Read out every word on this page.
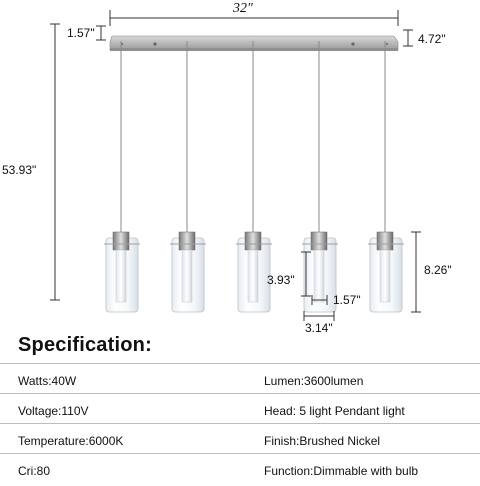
32″
1.57"	4.72"
53.93"
8.26"
3.93"
1.57"
3.14"
Specification:
Watts:40W	Lumen:3600lumen
Voltage:110V	Head: 5 light Pendant light
Temperature:6000K	Finish:Brushed Nickel
Cri:80	Function:Dimmable with bulb
